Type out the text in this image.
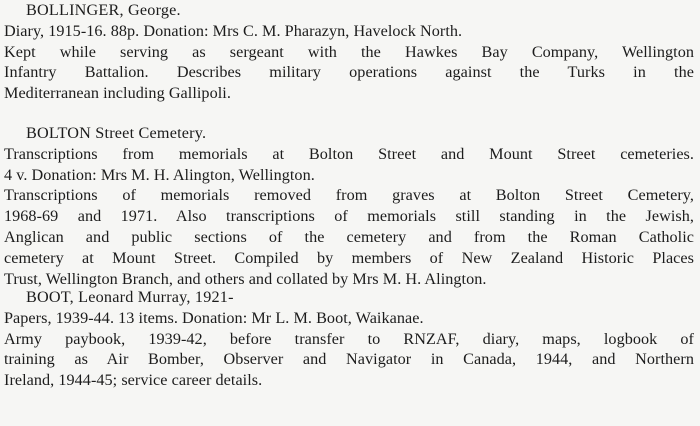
BOLLINGER, George.
Diary, 1915-16. 88p. Donation: Mrs C. M. Pharazyn, Havelock North.
Kept while serving as sergeant with the Hawkes Bay Company, Wellington
Infantry Battalion. Describes military operations against the Turks in the
Mediterranean including Gallipoli.
BOLTON Street Cemetery.
Transcriptions from memorials at Bolton Street and Mount Street cemeteries.
4 v. Donation: Mrs M. H. Alington, Wellington.
Transcriptions of memorials removed from graves at Bolton Street Cemetery,
1968-69 and 1971. Also transcriptions of memorials still standing in the Jewish,
Anglican and public sections of the cemetery and from the Roman Catholic
cemetery at Mount Street. Compiled by members of New Zealand Historic Places
Trust, Wellington Branch, and others and collated by Mrs M. H. Alington.
BOOT, Leonard Murray, 1921-
Papers, 1939-44. 13 items. Donation: Mr L. M. Boot, Waikanae.
Army paybook, 1939-42, before transfer to RNZAF, diary, maps, logbook of
training as Air Bomber, Observer and Navigator in Canada, 1944, and Northern
Ireland, 1944-45; service career details.
